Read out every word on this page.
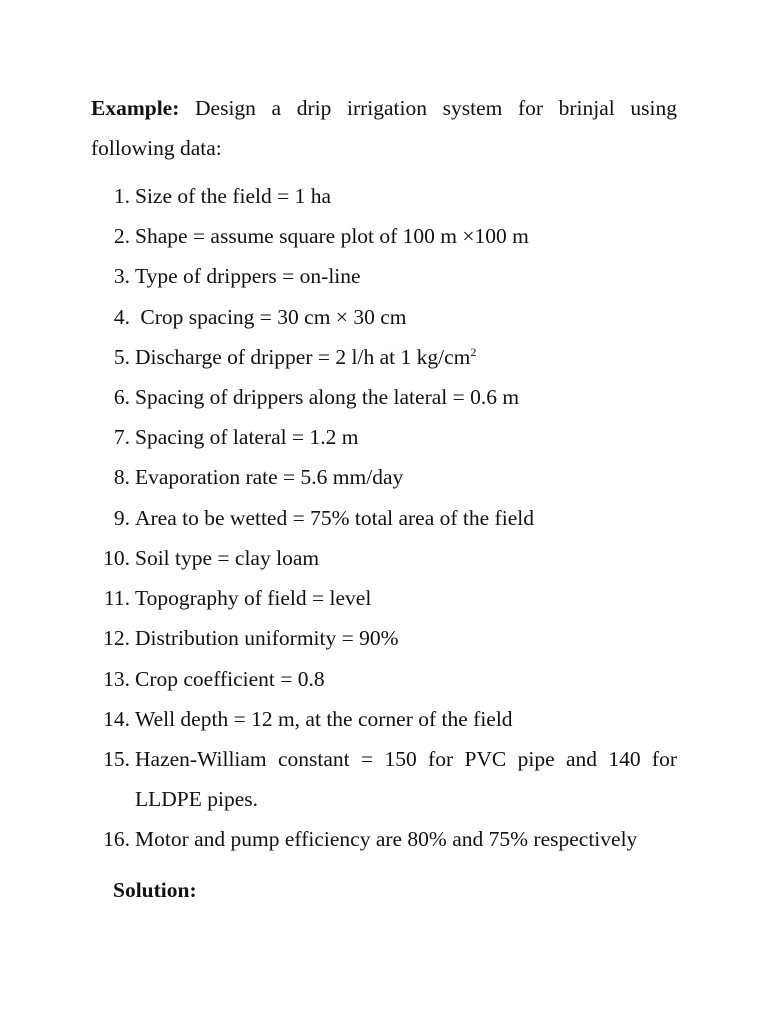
Example: Design a drip irrigation system for brinjal using following data:
1. Size of the field = 1 ha
2. Shape = assume square plot of 100 m ×100 m
3. Type of drippers = on-line
4. Crop spacing = 30 cm × 30 cm
5. Discharge of dripper = 2 l/h at 1 $kg/cm^2$
6. Spacing of drippers along the lateral = 0.6 m
7. Spacing of lateral = 1.2 m
8. Evaporation rate = 5.6 mm/day
9. Area to be wetted = 75% total area of the field
10. Soil type = clay loam
11. Topography of field = level
12. Distribution uniformity = 90%
13. Crop coefficient = 0.8
14. Well depth = 12 m, at the corner of the field
15. Hazen-William constant = 150 for PVC pipe and 140 for LLDPE pipes.
16. Motor and pump efficiency are 80% and 75% respectively
Solution:
